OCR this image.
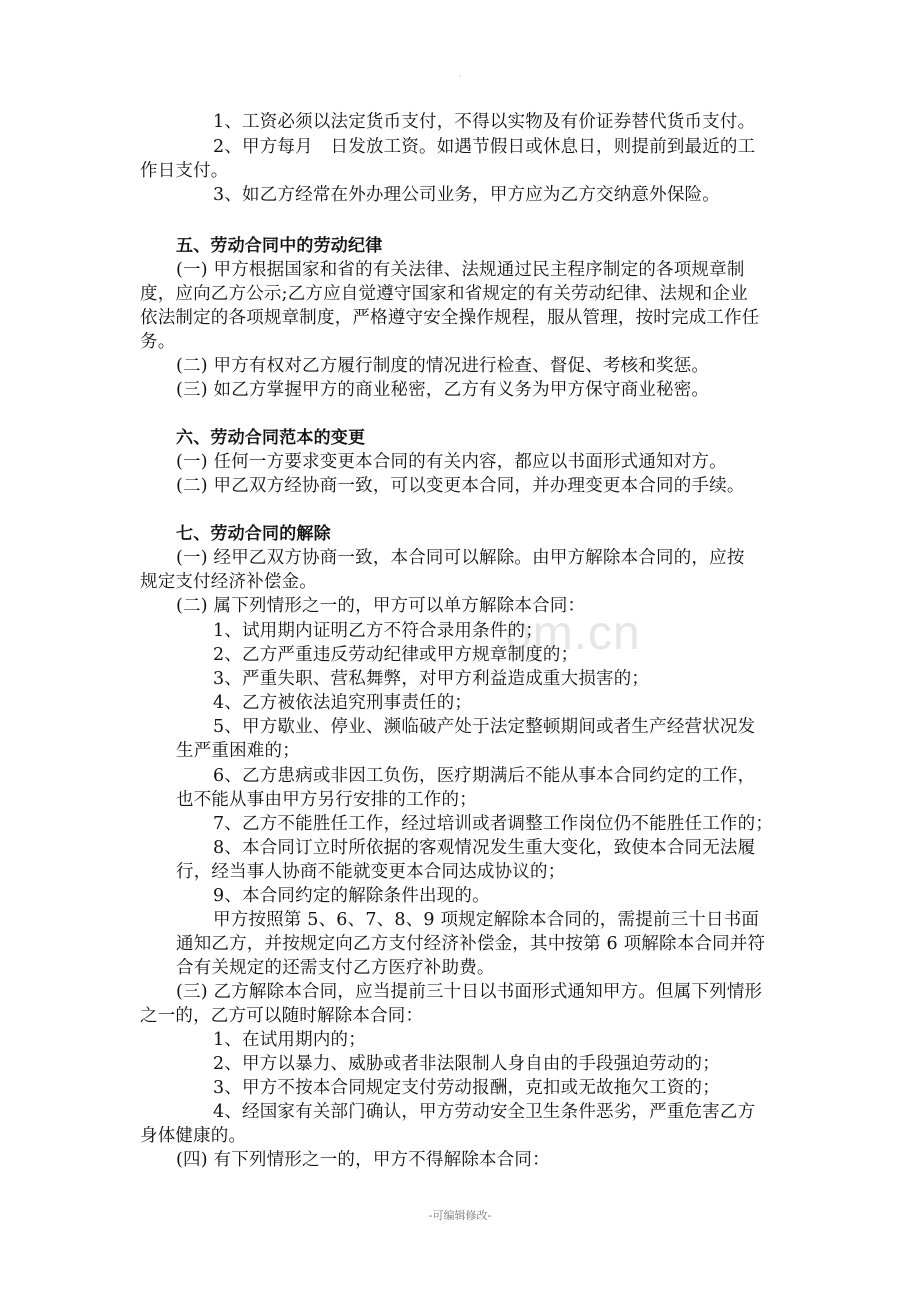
·
om.cn
1、工资必须以法定货币支付，不得以实物及有价证券替代货币支付。
2、甲方每月　日发放工资。如遇节假日或休息日，则提前到最近的工
作日支付。
3、如乙方经常在外办理公司业务，甲方应为乙方交纳意外保险。
五、劳动合同中的劳动纪律
(一) 甲方根据国家和省的有关法律、法规通过民主程序制定的各项规章制
度，应向乙方公示;乙方应自觉遵守国家和省规定的有关劳动纪律、法规和企业
依法制定的各项规章制度，严格遵守安全操作规程，服从管理，按时完成工作任
务。
(二) 甲方有权对乙方履行制度的情况进行检查、督促、考核和奖惩。
(三) 如乙方掌握甲方的商业秘密，乙方有义务为甲方保守商业秘密。
六、劳动合同范本的变更
(一) 任何一方要求变更本合同的有关内容，都应以书面形式通知对方。
(二) 甲乙双方经协商一致，可以变更本合同，并办理变更本合同的手续。
七、劳动合同的解除
(一) 经甲乙双方协商一致，本合同可以解除。由甲方解除本合同的，应按
规定支付经济补偿金。
(二) 属下列情形之一的，甲方可以单方解除本合同：
1、试用期内证明乙方不符合录用条件的；
2、乙方严重违反劳动纪律或甲方规章制度的；
3、严重失职、营私舞弊，对甲方利益造成重大损害的；
4、乙方被依法追究刑事责任的；
5、甲方歇业、停业、濒临破产处于法定整顿期间或者生产经营状况发
生严重困难的；
6、乙方患病或非因工负伤，医疗期满后不能从事本合同约定的工作，
也不能从事由甲方另行安排的工作的；
7、乙方不能胜任工作，经过培训或者调整工作岗位仍不能胜任工作的；
8、本合同订立时所依据的客观情况发生重大变化，致使本合同无法履
行，经当事人协商不能就变更本合同达成协议的；
9、本合同约定的解除条件出现的。
甲方按照第 5、6、7、8、9 项规定解除本合同的，需提前三十日书面
通知乙方，并按规定向乙方支付经济补偿金，其中按第 6 项解除本合同并符
合有关规定的还需支付乙方医疗补助费。
(三) 乙方解除本合同，应当提前三十日以书面形式通知甲方。但属下列情形
之一的，乙方可以随时解除本合同：
1、在试用期内的；
2、甲方以暴力、威胁或者非法限制人身自由的手段强迫劳动的；
3、甲方不按本合同规定支付劳动报酬，克扣或无故拖欠工资的；
4、经国家有关部门确认，甲方劳动安全卫生条件恶劣，严重危害乙方
身体健康的。
(四) 有下列情形之一的，甲方不得解除本合同：
-可编辑修改-
